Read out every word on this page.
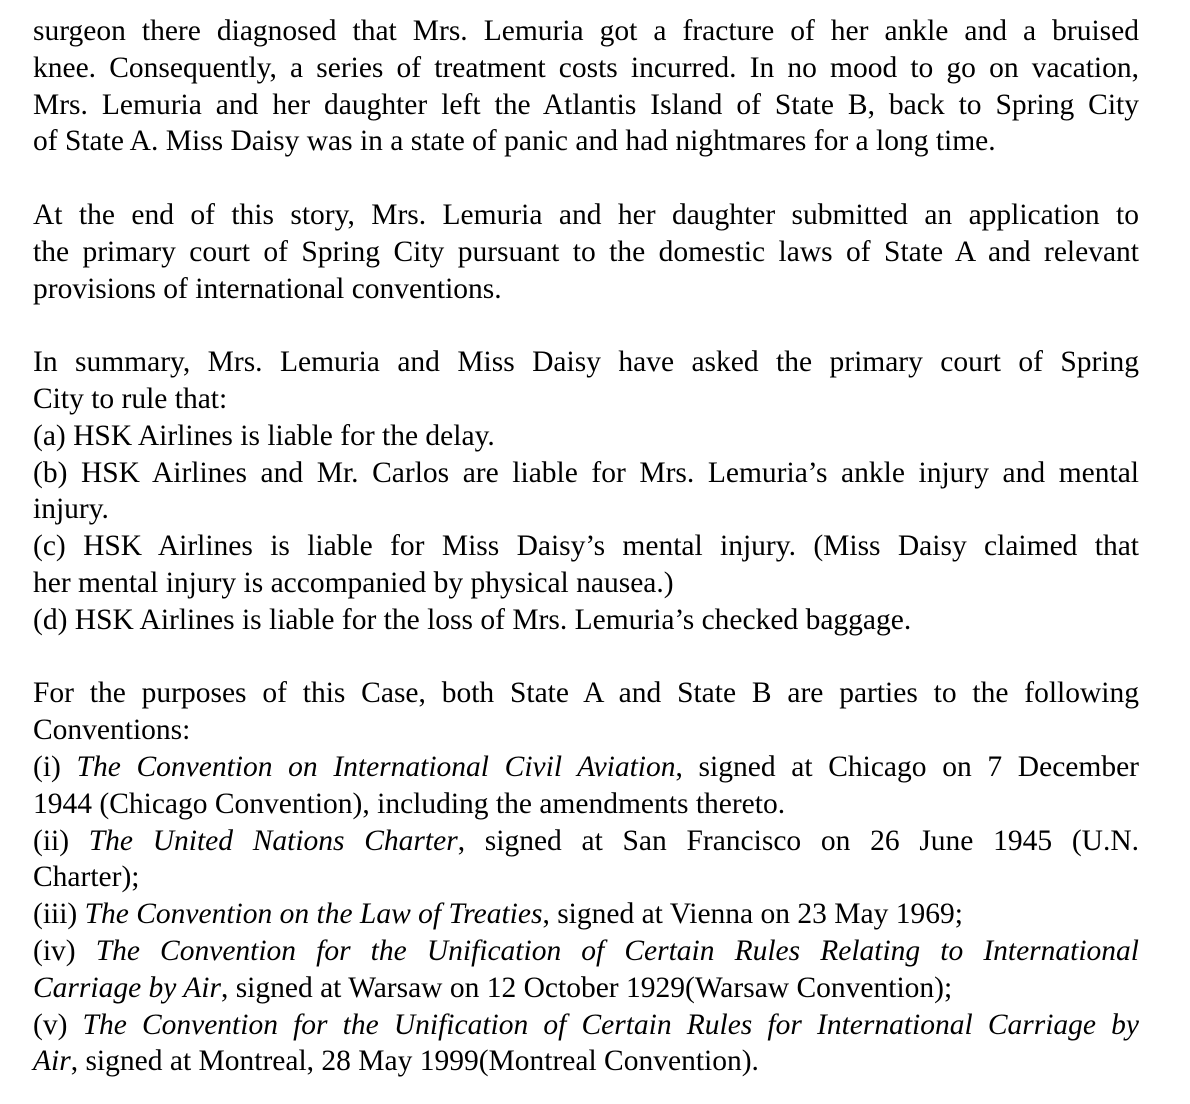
surgeon there diagnosed that Mrs. Lemuria got a fracture of her ankle and a bruised
knee. Consequently, a series of treatment costs incurred. In no mood to go on vacation,
Mrs. Lemuria and her daughter left the Atlantis Island of State B, back to Spring City
of State A. Miss Daisy was in a state of panic and had nightmares for a long time.
At the end of this story, Mrs. Lemuria and her daughter submitted an application to
the primary court of Spring City pursuant to the domestic laws of State A and relevant
provisions of international conventions.
In summary, Mrs. Lemuria and Miss Daisy have asked the primary court of Spring
City to rule that:
(a) HSK Airlines is liable for the delay.
(b) HSK Airlines and Mr. Carlos are liable for Mrs. Lemuria’s ankle injury and mental
injury.
(c) HSK Airlines is liable for Miss Daisy’s mental injury. (Miss Daisy claimed that
her mental injury is accompanied by physical nausea.)
(d) HSK Airlines is liable for the loss of Mrs. Lemuria’s checked baggage.
For the purposes of this Case, both State A and State B are parties to the following
Conventions:
(i) The Convention on International Civil Aviation, signed at Chicago on 7 December
1944 (Chicago Convention), including the amendments thereto.
(ii) The United Nations Charter, signed at San Francisco on 26 June 1945 (U.N.
Charter);
(iii) The Convention on the Law of Treaties, signed at Vienna on 23 May 1969;
(iv) The Convention for the Unification of Certain Rules Relating to International
Carriage by Air, signed at Warsaw on 12 October 1929(Warsaw Convention);
(v) The Convention for the Unification of Certain Rules for International Carriage by
Air, signed at Montreal, 28 May 1999(Montreal Convention).
